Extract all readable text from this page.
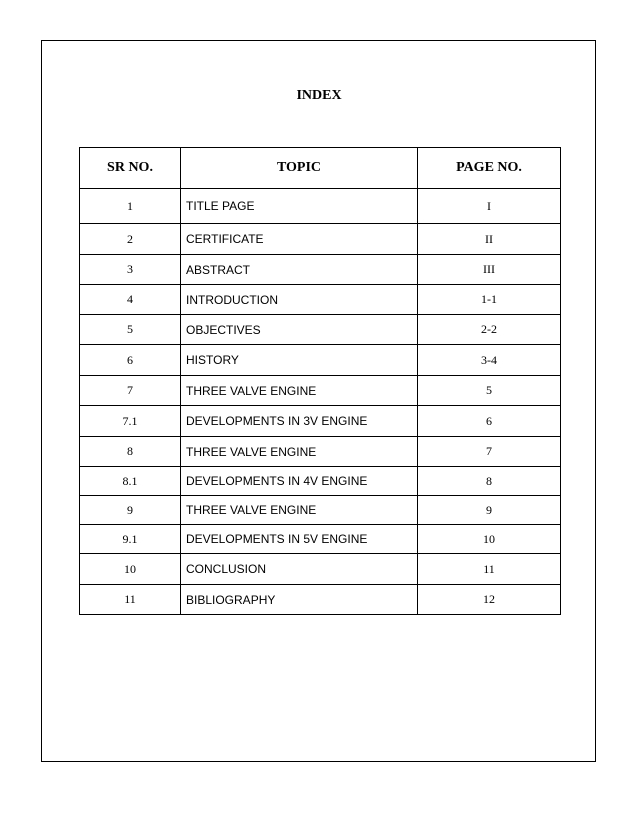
INDEX
SR NO.	TOPIC	PAGE NO.
1	TITLE PAGE	I
2	CERTIFICATE	II
3	ABSTRACT	III
4	INTRODUCTION	1-1
5	OBJECTIVES	2-2
6	HISTORY	3-4
7	THREE VALVE ENGINE	5
7.1	DEVELOPMENTS IN 3V ENGINE	6
8	THREE VALVE ENGINE	7
8.1	DEVELOPMENTS IN 4V ENGINE	8
9	THREE VALVE ENGINE	9
9.1	DEVELOPMENTS IN 5V ENGINE	10
10	CONCLUSION	11
11	BIBLIOGRAPHY	12
